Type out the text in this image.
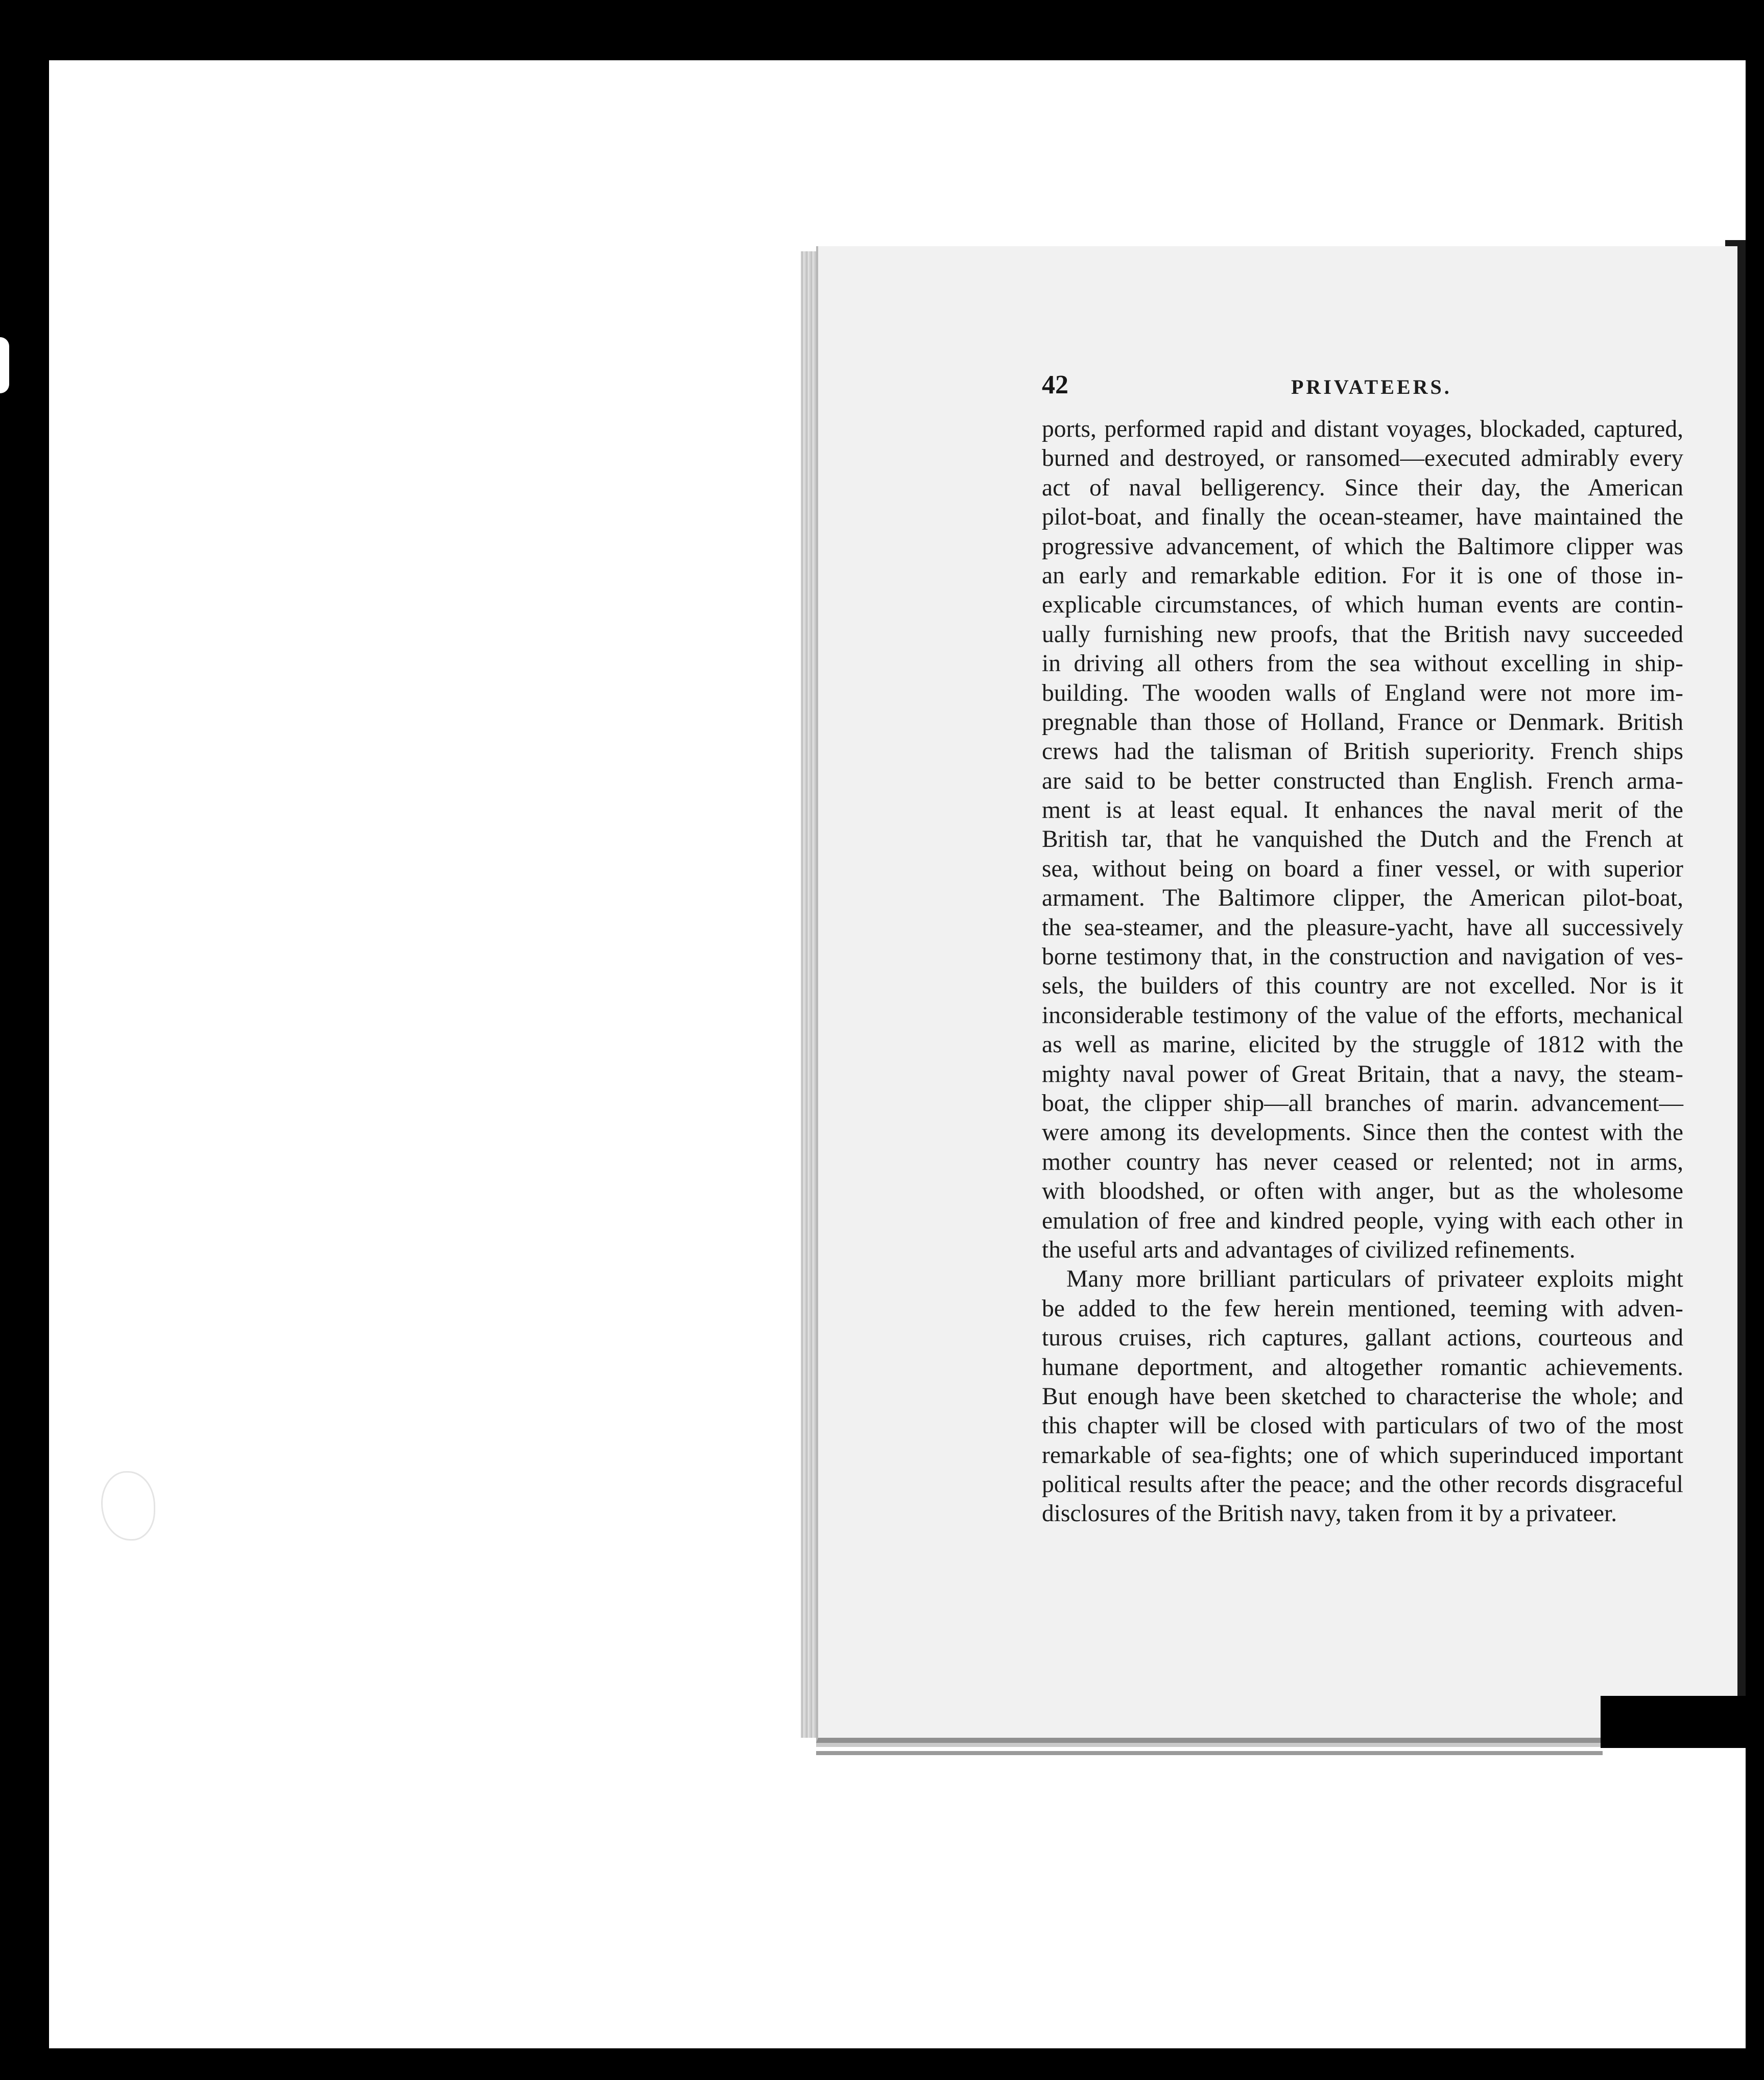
42	PRIVATEERS.
ports, performed rapid and distant voyages, blockaded, captured,
burned and destroyed, or ransomed—executed admirably every
act of naval belligerency. Since their day, the American
pilot-boat, and finally the ocean-steamer, have maintained the
progressive advancement, of which the Baltimore clipper was
an early and remarkable edition. For it is one of those in-
explicable circumstances, of which human events are contin-
ually furnishing new proofs, that the British navy succeeded
in driving all others from the sea without excelling in ship-
building. The wooden walls of England were not more im-
pregnable than those of Holland, France or Denmark. British
crews had the talisman of British superiority. French ships
are said to be better constructed than English. French arma-
ment is at least equal. It enhances the naval merit of the
British tar, that he vanquished the Dutch and the French at
sea, without being on board a finer vessel, or with superior
armament. The Baltimore clipper, the American pilot-boat,
the sea-steamer, and the pleasure-yacht, have all successively
borne testimony that, in the construction and navigation of ves-
sels, the builders of this country are not excelled. Nor is it
inconsiderable testimony of the value of the efforts, mechanical
as well as marine, elicited by the struggle of 1812 with the
mighty naval power of Great Britain, that a navy, the steam-
boat, the clipper ship—all branches of marin. advancement—
were among its developments. Since then the contest with the
mother country has never ceased or relented; not in arms,
with bloodshed, or often with anger, but as the wholesome
emulation of free and kindred people, vying with each other in
the useful arts and advantages of civilized refinements.
Many more brilliant particulars of privateer exploits might
be added to the few herein mentioned, teeming with adven-
turous cruises, rich captures, gallant actions, courteous and
humane deportment, and altogether romantic achievements.
But enough have been sketched to characterise the whole; and
this chapter will be closed with particulars of two of the most
remarkable of sea-fights; one of which superinduced important
political results after the peace; and the other records disgraceful
disclosures of the British navy, taken from it by a privateer.
